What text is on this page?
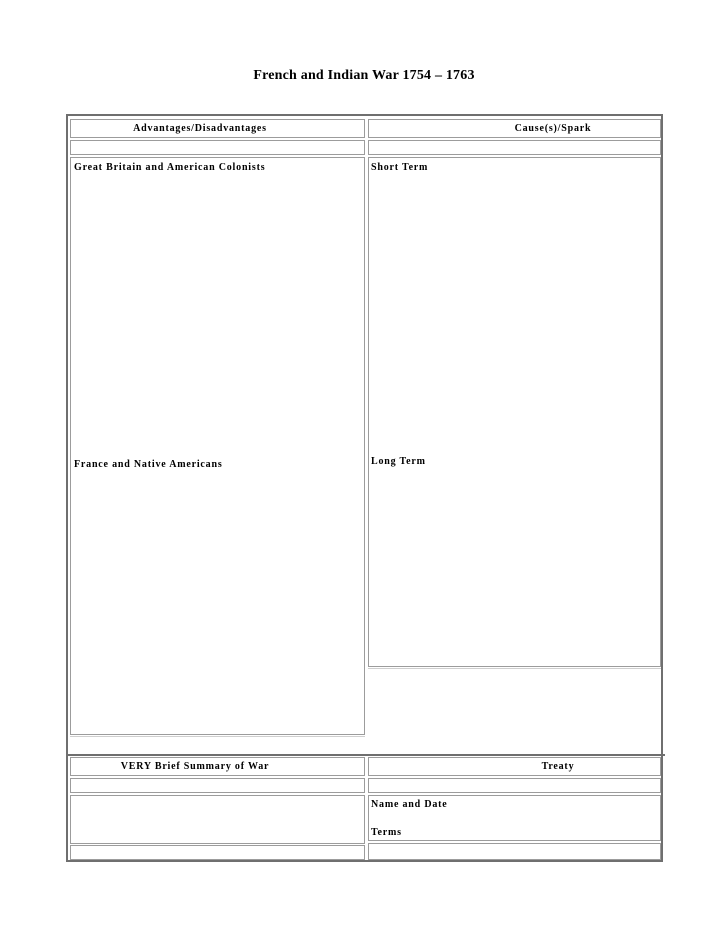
French and Indian War 1754 – 1763
Advantages/Disadvantages	Cause(s)/Spark
Great Britain and American Colonists
France and Native Americans
Short Term
Long Term
VERY Brief Summary of War	Treaty
Name and Date
Terms
